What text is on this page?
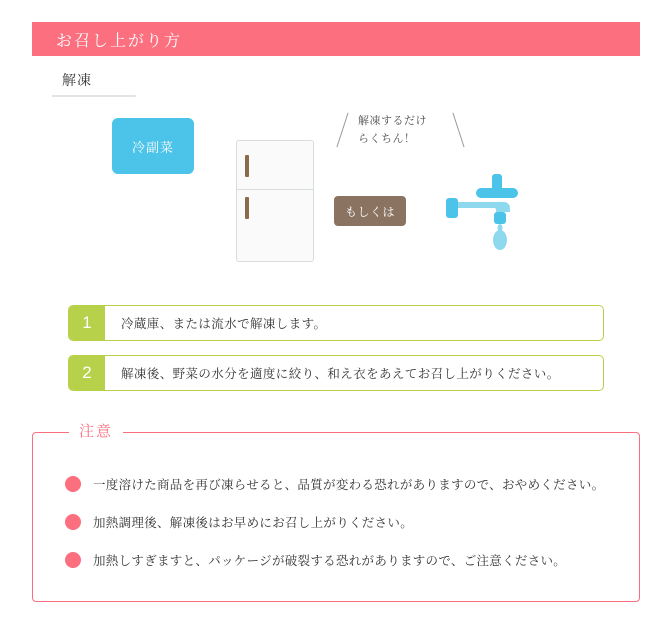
お召し上がり方
解凍
冷副菜
解凍するだけ
らくちん！
もしくは
1	冷蔵庫、または流水で解凍します。
2	解凍後、野菜の水分を適度に絞り、和え衣をあえてお召し上がりください。
注意
一度溶けた商品を再び凍らせると、品質が変わる恐れがありますので、おやめください。
加熱調理後、解凍後はお早めにお召し上がりください。
加熱しすぎますと、パッケージが破裂する恐れがありますので、ご注意ください。
